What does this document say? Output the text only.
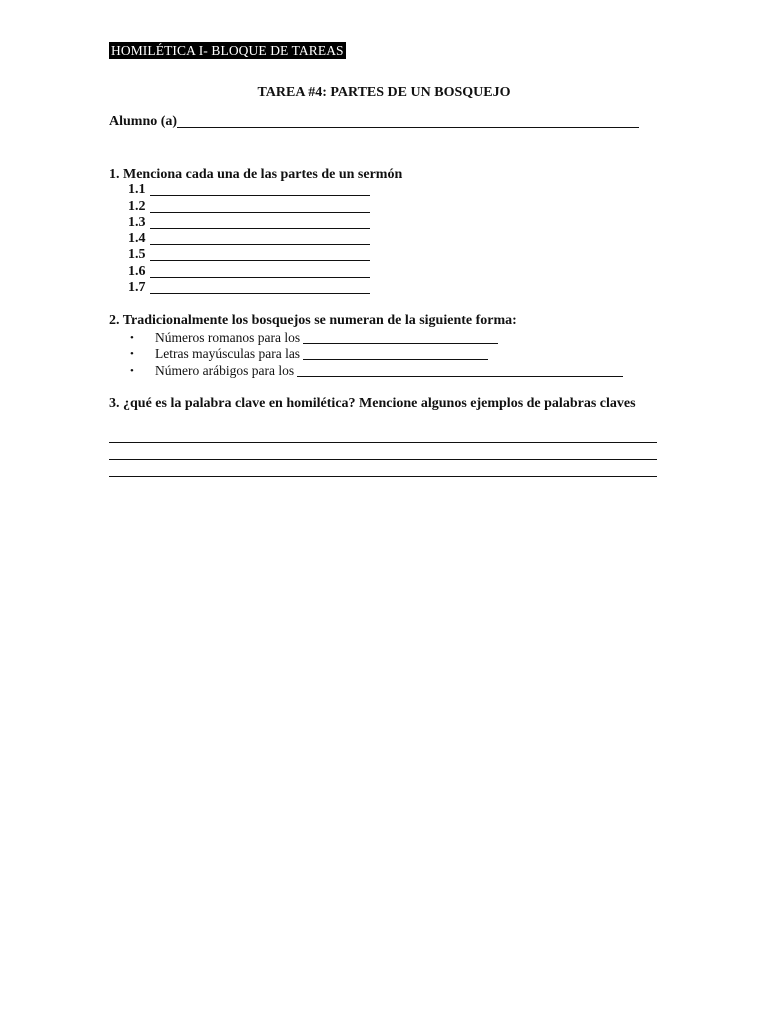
HOMILÉTICA I- BLOQUE DE TAREAS
TAREA #4: PARTES DE UN BOSQUEJO
Alumno (a)
1. Menciona cada una de las partes de un sermón
1.1
1.2
1.3
1.4
1.5
1.6
1.7
2. Tradicionalmente los bosquejos se numeran de la siguiente forma:
•	Números romanos para los
•	Letras mayúsculas para las
•	Número arábigos para los
3. ¿qué es la palabra clave en homilética? Mencione algunos ejemplos de palabras claves
